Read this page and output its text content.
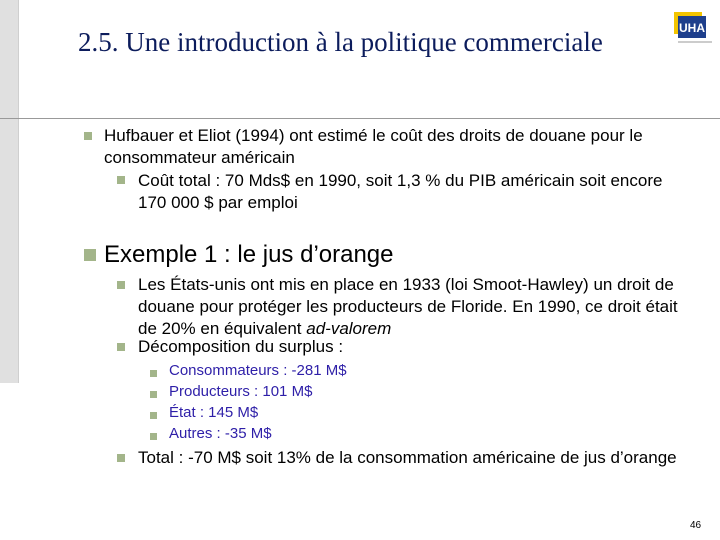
2.5. Une introduction à la politique commerciale	UHA
Hufbauer et Eliot (1994) ont estimé le coût des droits de douane pour le consommateur américain
Coût total : 70 Mds$ en 1990, soit 1,3 % du PIB américain soit encore 170 000 $ par emploi
Exemple 1 : le jus d’orange
Les États-unis ont mis en place en 1933 (loi Smoot-Hawley) un droit de douane pour protéger les producteurs de Floride. En 1990, ce droit était de 20% en équivalent ad-valorem
Décomposition du surplus :
Consommateurs : -281 M$
Producteurs : 101 M$
État : 145 M$
Autres : -35 M$
Total : -70 M$ soit 13% de la consommation américaine de jus d’orange
46
